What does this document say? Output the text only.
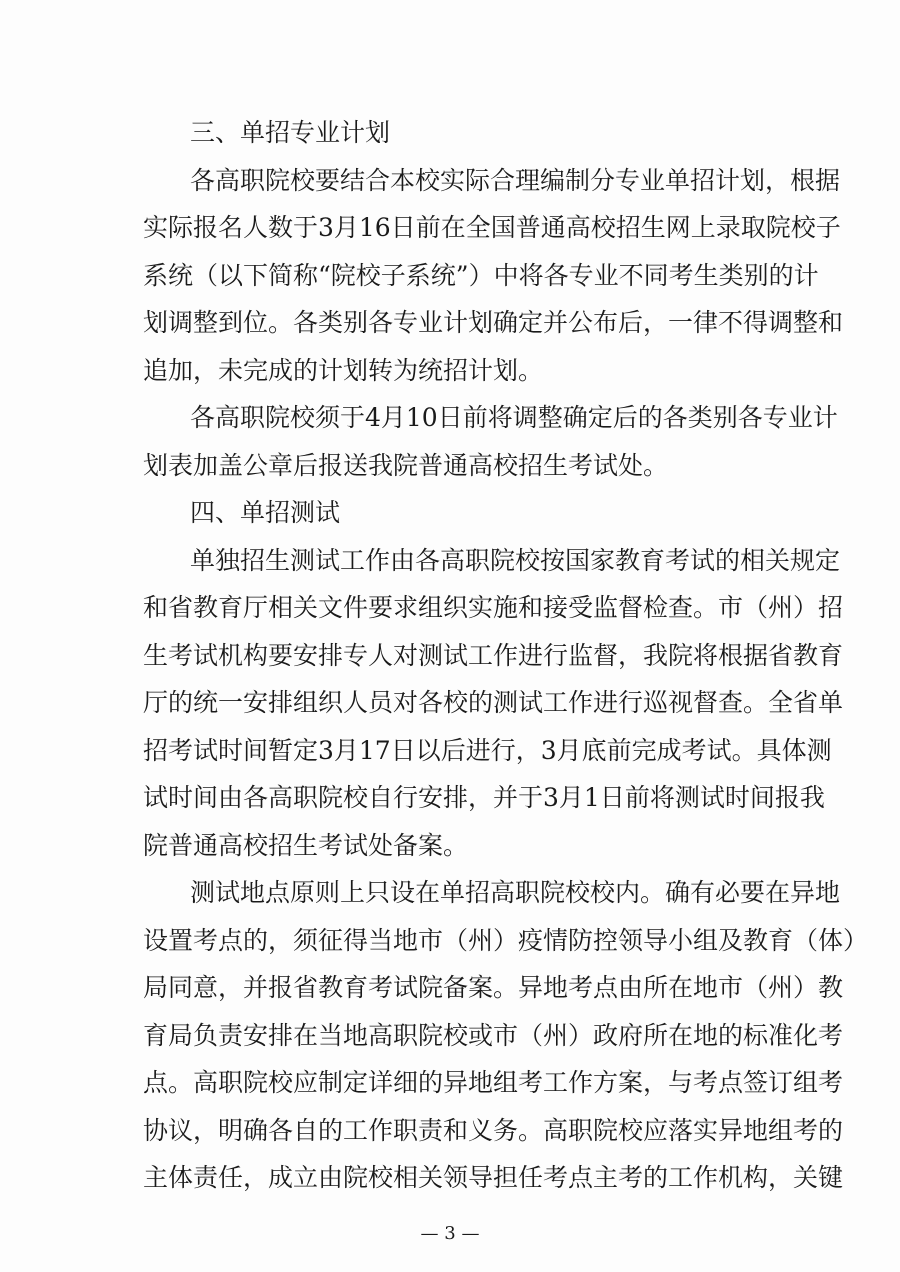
三、单招专业计划
各高职院校要结合本校实际合理编制分专业单招计划，根据
实际报名人数于3月16日前在全国普通高校招生网上录取院校子
系统（以下简称“院校子系统”）中将各专业不同考生类别的计
划调整到位。各类别各专业计划确定并公布后，一律不得调整和
追加，未完成的计划转为统招计划。
各高职院校须于4月10日前将调整确定后的各类别各专业计
划表加盖公章后报送我院普通高校招生考试处。
四、单招测试
单独招生测试工作由各高职院校按国家教育考试的相关规定
和省教育厅相关文件要求组织实施和接受监督检查。市（州）招
生考试机构要安排专人对测试工作进行监督，我院将根据省教育
厅的统一安排组织人员对各校的测试工作进行巡视督查。全省单
招考试时间暂定3月17日以后进行，3月底前完成考试。具体测
试时间由各高职院校自行安排，并于3月1日前将测试时间报我
院普通高校招生考试处备案。
测试地点原则上只设在单招高职院校校内。确有必要在异地
设置考点的，须征得当地市（州）疫情防控领导小组及教育（体）
局同意，并报省教育考试院备案。异地考点由所在地市（州）教
育局负责安排在当地高职院校或市（州）政府所在地的标准化考
点。高职院校应制定详细的异地组考工作方案，与考点签订组考
协议，明确各自的工作职责和义务。高职院校应落实异地组考的
主体责任，成立由院校相关领导担任考点主考的工作机构，关键
— 3 —
